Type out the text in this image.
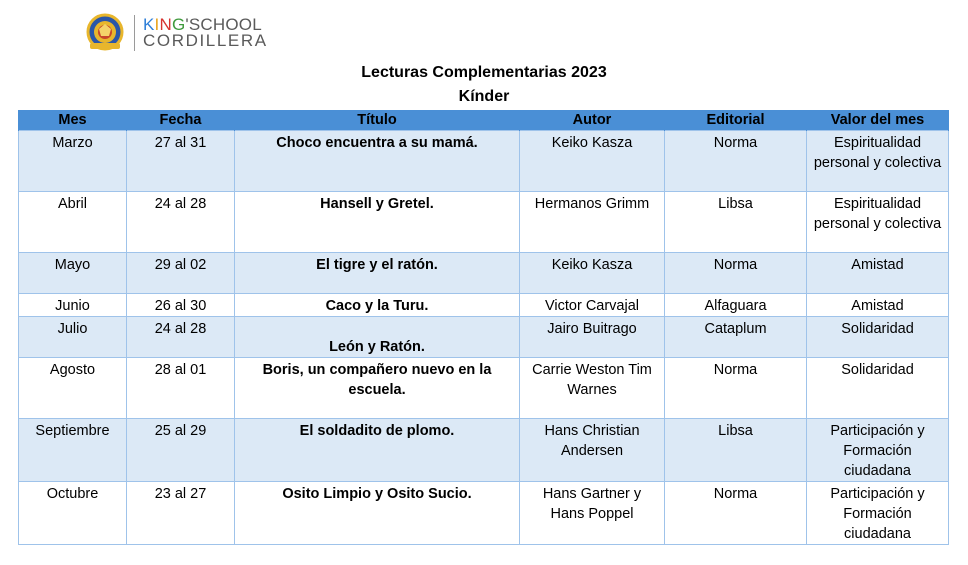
KING'SCHOOL
CORDILLERA
Lecturas Complementarias 2023
Kínder
Mes	Fecha	Título	Autor	Editorial	Valor del mes
Marzo	27 al 31	Choco encuentra a su mamá.	Keiko Kasza	Norma	Espiritualidad personal y colectiva
Abril	24 al 28	Hansell y Gretel.	Hermanos Grimm	Libsa	Espiritualidad personal y colectiva
Mayo	29 al 02	El tigre y el ratón.	Keiko Kasza	Norma	Amistad
Junio	26 al 30	Caco y la Turu.	Victor Carvajal	Alfaguara	Amistad
Julio	24 al 28	León y Ratón.	Jairo Buitrago	Cataplum	Solidaridad
Agosto	28 al 01	Boris, un compañero nuevo en la escuela.	Carrie Weston Tim Warnes	Norma	Solidaridad
Septiembre	25 al 29	El soldadito de plomo.	Hans Christian Andersen	Libsa	Participación y Formación ciudadana
Octubre	23 al 27	Osito Limpio y Osito Sucio.	Hans Gartner y Hans Poppel	Norma	Participación y Formación ciudadana
